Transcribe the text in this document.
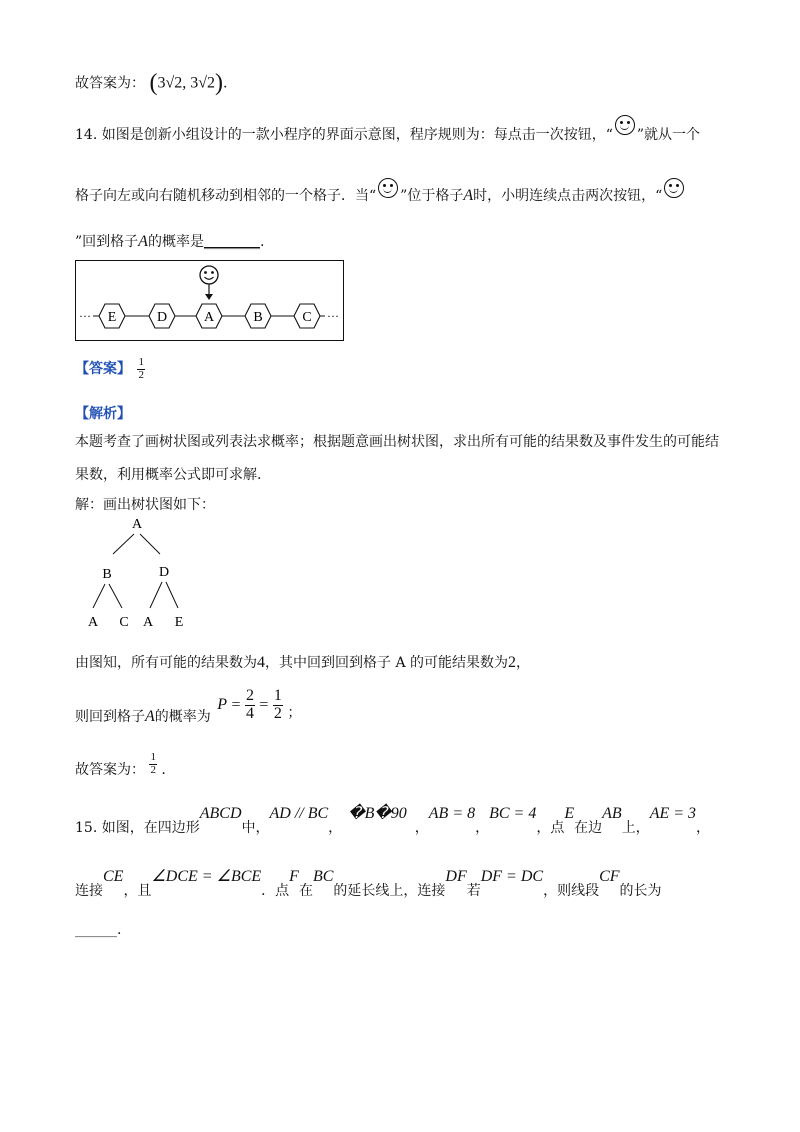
故答案为： (3√2, 3√2).
14. 如图是创新小组设计的一款小程序的界面示意图，程序规则为：每点击一次按钮，“ ”就从一个
格子向左或向右随机移动到相邻的一个格子．当“ ”位于格子A时，小明连续点击两次按钮，“
”回到格子A的概率是________.
···	···
E	D	A	B	C
【答案】 $\frac{1}{2}$
【解析】
本题考查了画树状图或列表法求概率；根据题意画出树状图，求出所有可能的结果数及事件发生的可能结
果数，利用概率公式即可求解.
解：画出树状图如下：
A
B	D
A C A E
由图知，所有可能的结果数为4，其中回到回到格子 A 的可能结果数为2，
则回到格子A的概率为 $P = \frac{2}{4} = \frac{1}{2}$ ；
故答案为： $\frac{1}{2}$ .
15. 如图，在四边形ABCD中，AD // BC，�B�90，AB = 8，BC = 4，点E在边AB上，AE = 3，
连接CE，且∠DCE = ∠BCE．点F在BC的延长线上，连接DF若DF = DC，则线段CF的长为
______.
